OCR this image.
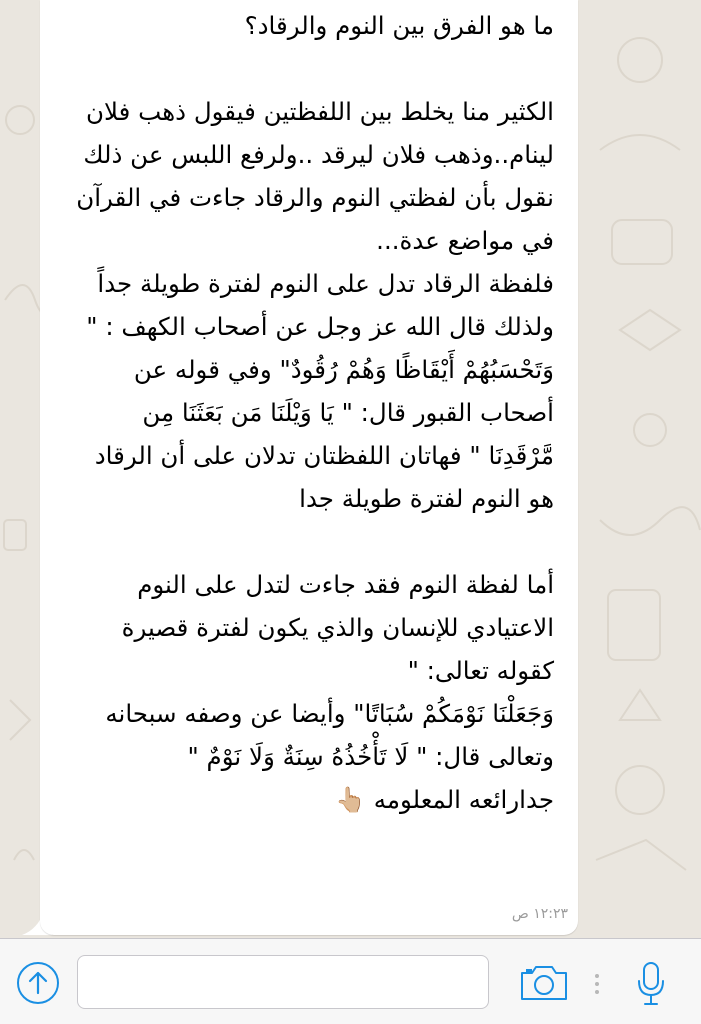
ما هو الفرق بين النوم والرقاد؟
الكثير منا يخلط بين اللفظتين فيقول ذهب فلان
لينام..وذهب فلان ليرقد ..ولرفع اللبس عن ذلك
نقول بأن لفظتي النوم والرقاد جاءت في القرآن
في مواضع عدة...
فلفظة الرقاد تدل على النوم لفترة طويلة جداً
ولذلك قال الله عز وجل عن أصحاب الكهف : "
وَتَحْسَبُهُمْ أَيْقَاظًا وَهُمْ رُقُودٌ" وفي قوله عن
أصحاب القبور قال: " يَا وَيْلَنَا مَن بَعَثَنَا مِن
مَّرْقَدِنَا " فهاتان اللفظتان تدلان على أن الرقاد
هو النوم لفترة طويلة جدا
أما لفظة النوم فقد جاءت لتدل على النوم
الاعتيادي للإنسان والذي يكون لفترة قصيرة
كقوله تعالى: "
وَجَعَلْنَا نَوْمَكُمْ سُبَاتًا" وأيضا عن وصفه سبحانه
وتعالى قال: " لَا تَأْخُذُهُ سِنَةٌ وَلَا نَوْمٌ "
جدارائعه المعلومه 👆🏼
١٢:٢٣ ص
